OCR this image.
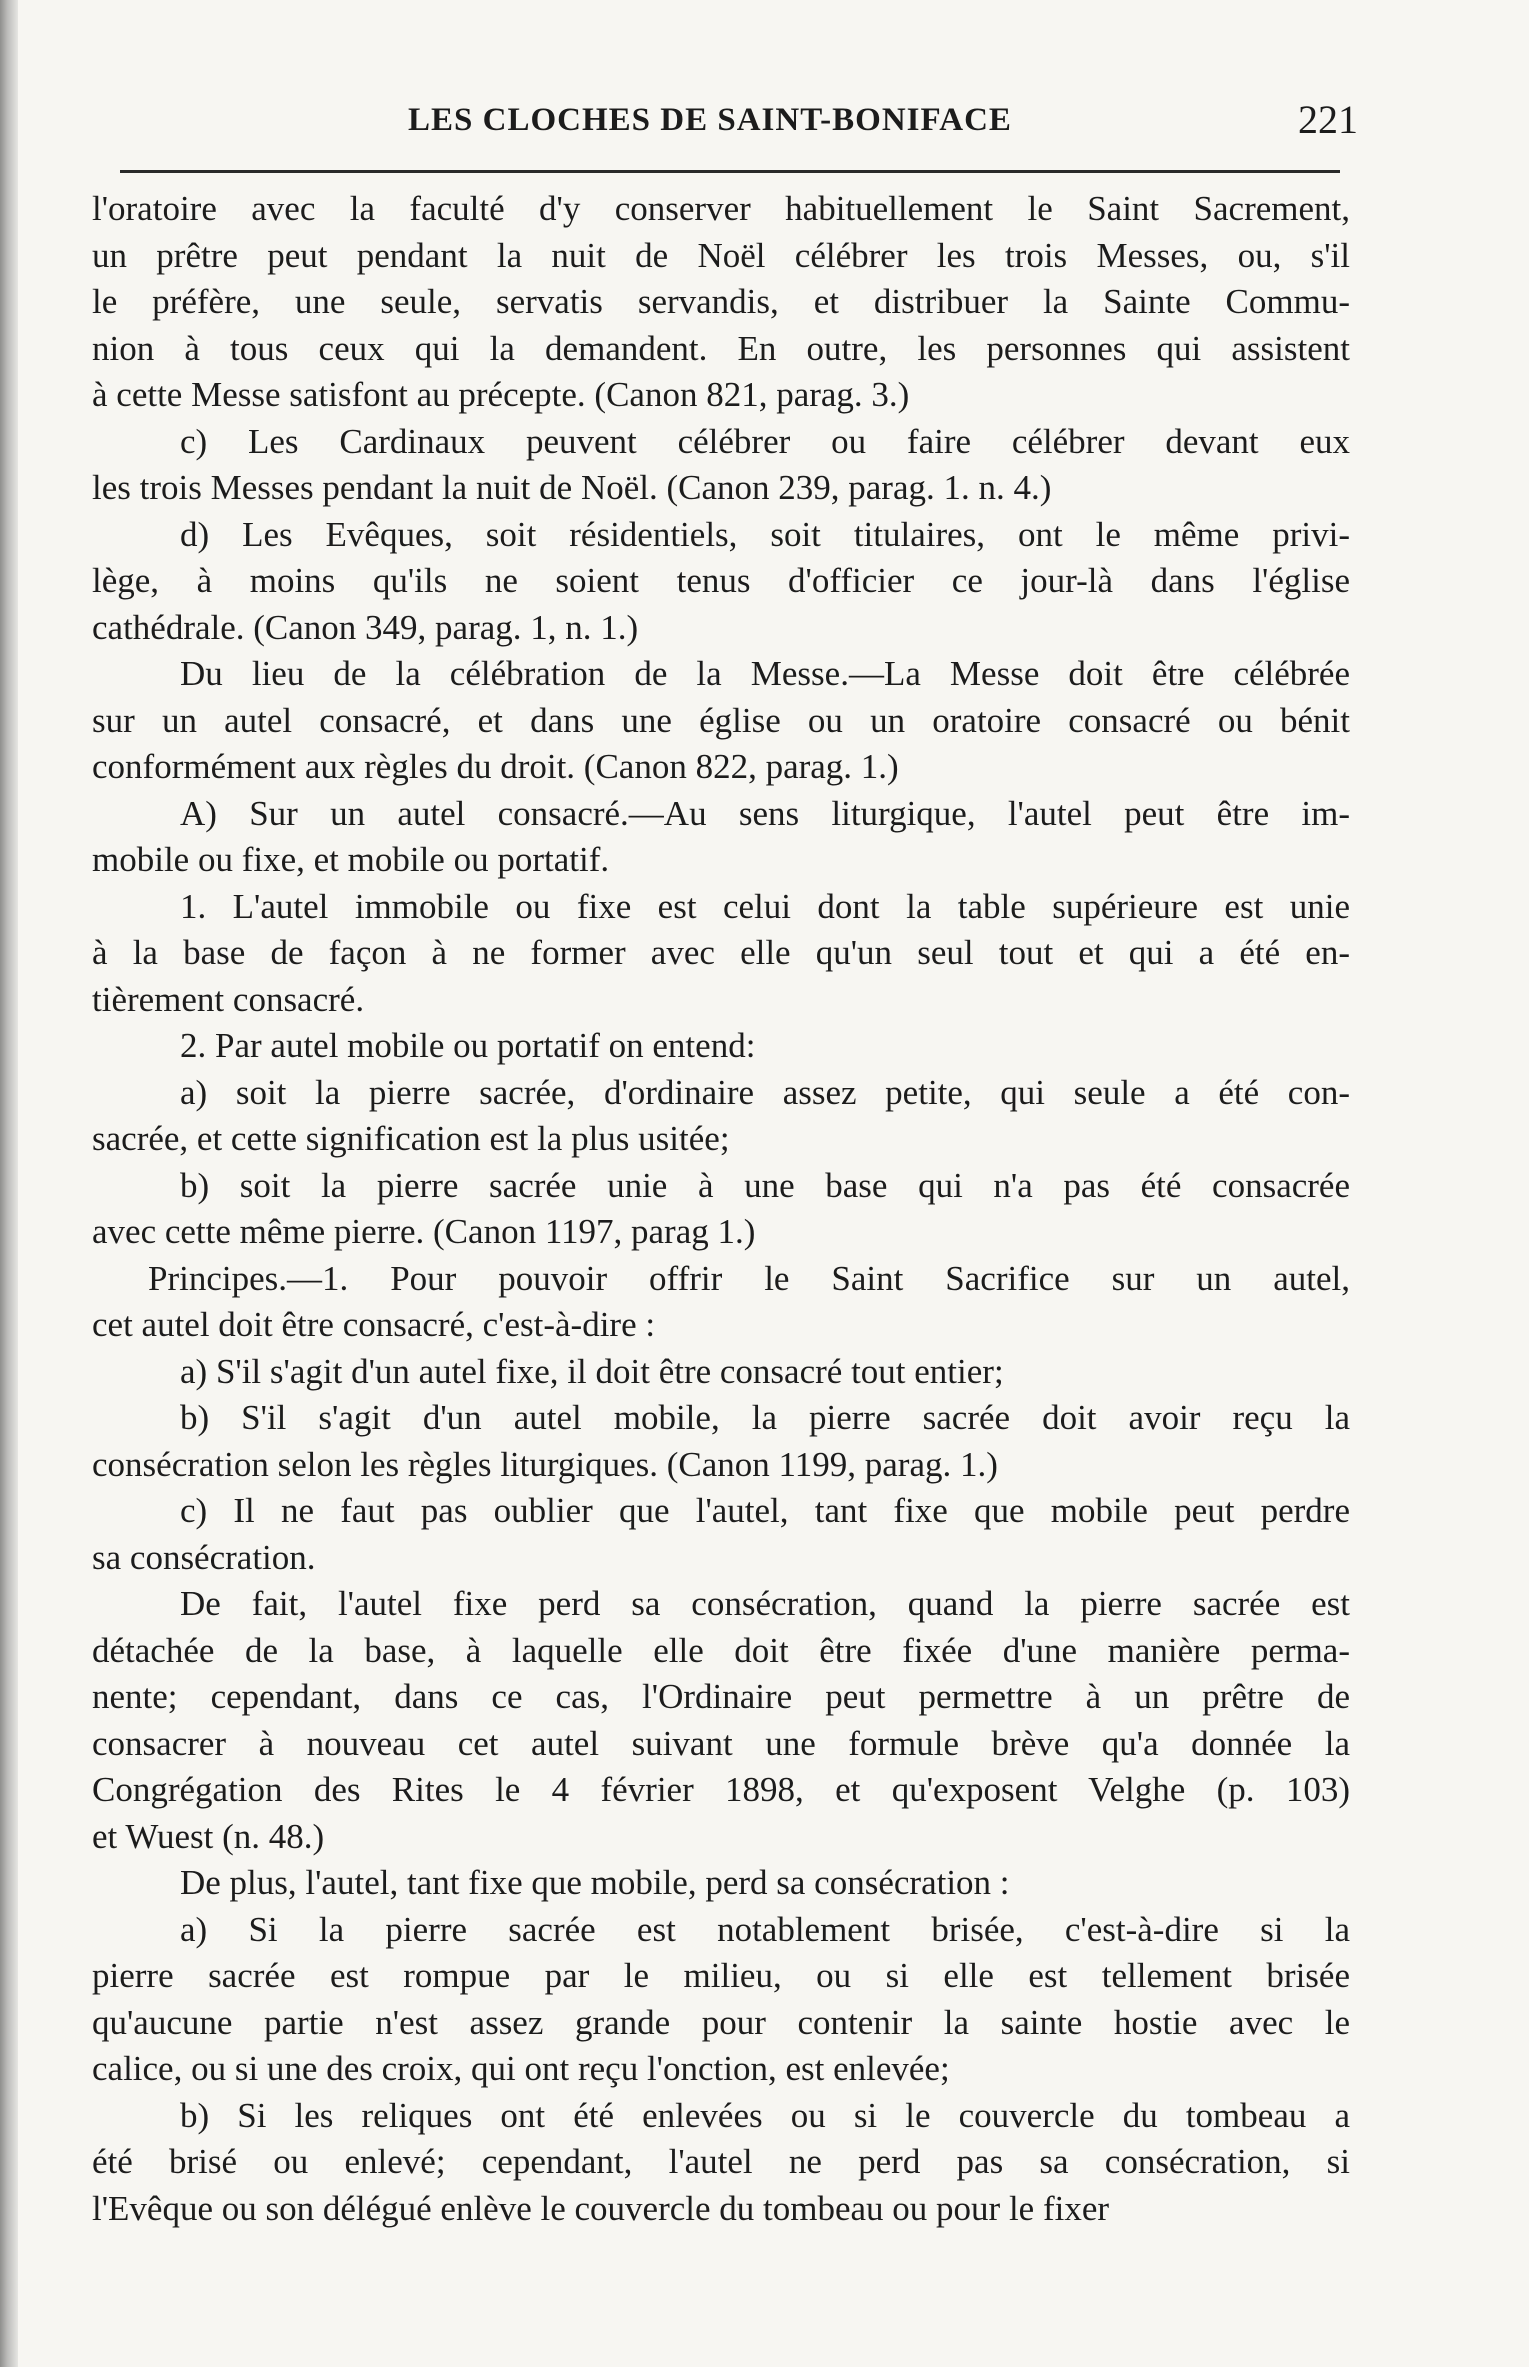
LES CLOCHES DE SAINT-BONIFACE	221
l'oratoire avec la faculté d'y conserver habituellement le Saint Sacrement,
un prêtre peut pendant la nuit de Noël célébrer les trois Messes, ou, s'il
le préfère, une seule, servatis servandis, et distribuer la Sainte Commu-
nion à tous ceux qui la demandent. En outre, les personnes qui assistent
à cette Messe satisfont au précepte. (Canon 821, parag. 3.)
c) Les Cardinaux peuvent célébrer ou faire célébrer devant eux
les trois Messes pendant la nuit de Noël. (Canon 239, parag. 1. n. 4.)
d) Les Evêques, soit résidentiels, soit titulaires, ont le même privi-
lège, à moins qu'ils ne soient tenus d'officier ce jour-là dans l'église
cathédrale. (Canon 349, parag. 1, n. 1.)
Du lieu de la célébration de la Messe.—La Messe doit être célébrée
sur un autel consacré, et dans une église ou un oratoire consacré ou bénit
conformément aux règles du droit. (Canon 822, parag. 1.)
A) Sur un autel consacré.—Au sens liturgique, l'autel peut être im-
mobile ou fixe, et mobile ou portatif.
1. L'autel immobile ou fixe est celui dont la table supérieure est unie
à la base de façon à ne former avec elle qu'un seul tout et qui a été en-
tièrement consacré.
2. Par autel mobile ou portatif on entend:
a) soit la pierre sacrée, d'ordinaire assez petite, qui seule a été con-
sacrée, et cette signification est la plus usitée;
b) soit la pierre sacrée unie à une base qui n'a pas été consacrée
avec cette même pierre. (Canon 1197, parag 1.)
Principes.—1. Pour pouvoir offrir le Saint Sacrifice sur un autel,
cet autel doit être consacré, c'est-à-dire :
a) S'il s'agit d'un autel fixe, il doit être consacré tout entier;
b) S'il s'agit d'un autel mobile, la pierre sacrée doit avoir reçu la
consécration selon les règles liturgiques. (Canon 1199, parag. 1.)
c) Il ne faut pas oublier que l'autel, tant fixe que mobile peut perdre
sa consécration.
De fait, l'autel fixe perd sa consécration, quand la pierre sacrée est
détachée de la base, à laquelle elle doit être fixée d'une manière perma-
nente; cependant, dans ce cas, l'Ordinaire peut permettre à un prêtre de
consacrer à nouveau cet autel suivant une formule brève qu'a donnée la
Congrégation des Rites le 4 février 1898, et qu'exposent Velghe (p. 103)
et Wuest (n. 48.)
De plus, l'autel, tant fixe que mobile, perd sa consécration :
a) Si la pierre sacrée est notablement brisée, c'est-à-dire si la
pierre sacrée est rompue par le milieu, ou si elle est tellement brisée
qu'aucune partie n'est assez grande pour contenir la sainte hostie avec le
calice, ou si une des croix, qui ont reçu l'onction, est enlevée;
b) Si les reliques ont été enlevées ou si le couvercle du tombeau a
été brisé ou enlevé; cependant, l'autel ne perd pas sa consécration, si
l'Evêque ou son délégué enlève le couvercle du tombeau ou pour le fixer
